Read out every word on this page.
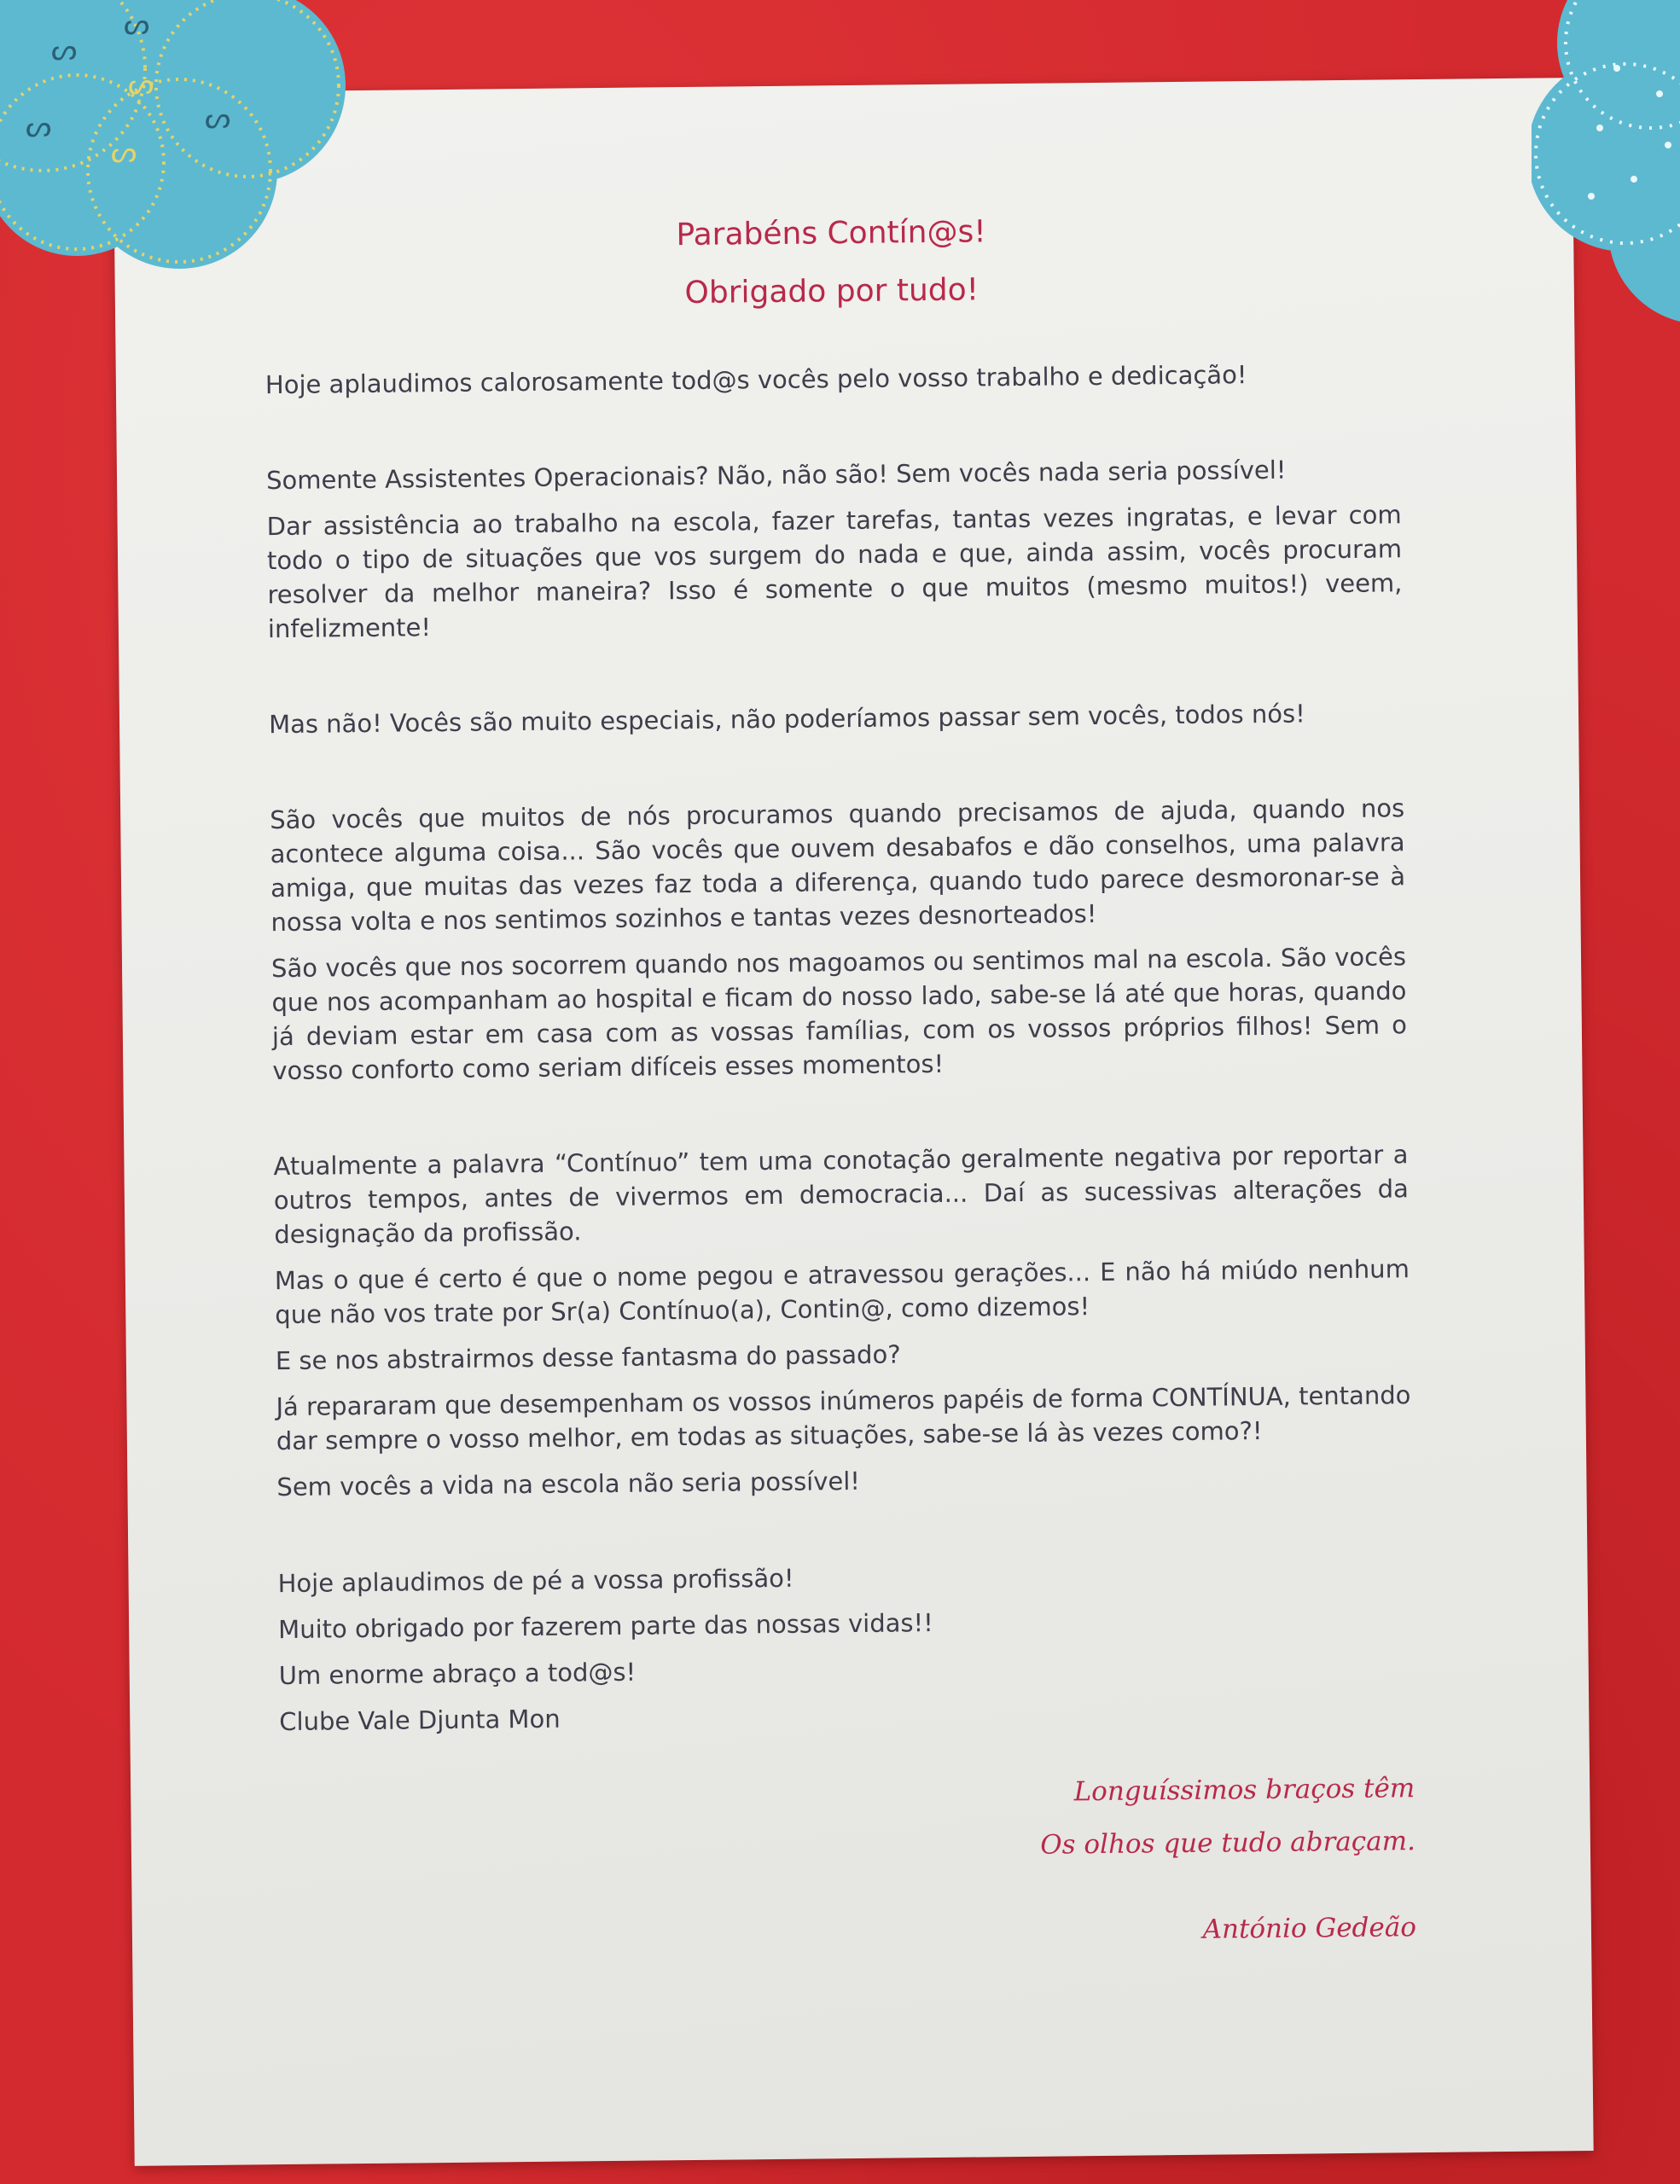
ᔕ
ᔕ
ᔕ	ᔕ
ᔕ
ᔕ

Parabéns Contín@s!

Obrigado por tudo!

Hoje aplaudimos calorosamente tod@s vocês pelo vosso trabalho e dedicação!

Somente Assistentes Operacionais? Não, não são! Sem vocês nada seria possível!

Dar assistência ao trabalho na escola, fazer tarefas, tantas vezes ingratas, e levar com todo o tipo de situações que vos surgem do nada e que, ainda assim, vocês procuram resolver da melhor maneira? Isso é somente o que muitos (mesmo muitos!) veem, infelizmente!

Mas não! Vocês são muito especiais, não poderíamos passar sem vocês, todos nós!

São vocês que muitos de nós procuramos quando precisamos de ajuda, quando nos acontece alguma coisa... São vocês que ouvem desabafos e dão conselhos, uma palavra amiga, que muitas das vezes faz toda a diferença, quando tudo parece desmoronar-se à nossa volta e nos sentimos sozinhos e tantas vezes desnorteados!

São vocês que nos socorrem quando nos magoamos ou sentimos mal na escola. São vocês que nos acompanham ao hospital e ficam do nosso lado, sabe-se lá até que horas, quando já deviam estar em casa com as vossas famílias, com os vossos próprios filhos! Sem o vosso conforto como seriam difíceis esses momentos!

Atualmente a palavra “Contínuo” tem uma conotação geralmente negativa por reportar a outros tempos, antes de vivermos em democracia... Daí as sucessivas alterações da designação da profissão.

Mas o que é certo é que o nome pegou e atravessou gerações... E não há miúdo nenhum que não vos trate por Sr(a) Contínuo(a), Contin@, como dizemos!

E se nos abstrairmos desse fantasma do passado?

Já repararam que desempenham os vossos inúmeros papéis de forma CONTÍNUA, tentando dar sempre o vosso melhor, em todas as situações, sabe-se lá às vezes como?!

Sem vocês a vida na escola não seria possível!

Hoje aplaudimos de pé a vossa profissão!

Muito obrigado por fazerem parte das nossas vidas!!

Um enorme abraço a tod@s!

Clube Vale Djunta Mon

Longuíssimos braços têm
Os olhos que tudo abraçam.
António Gedeão
